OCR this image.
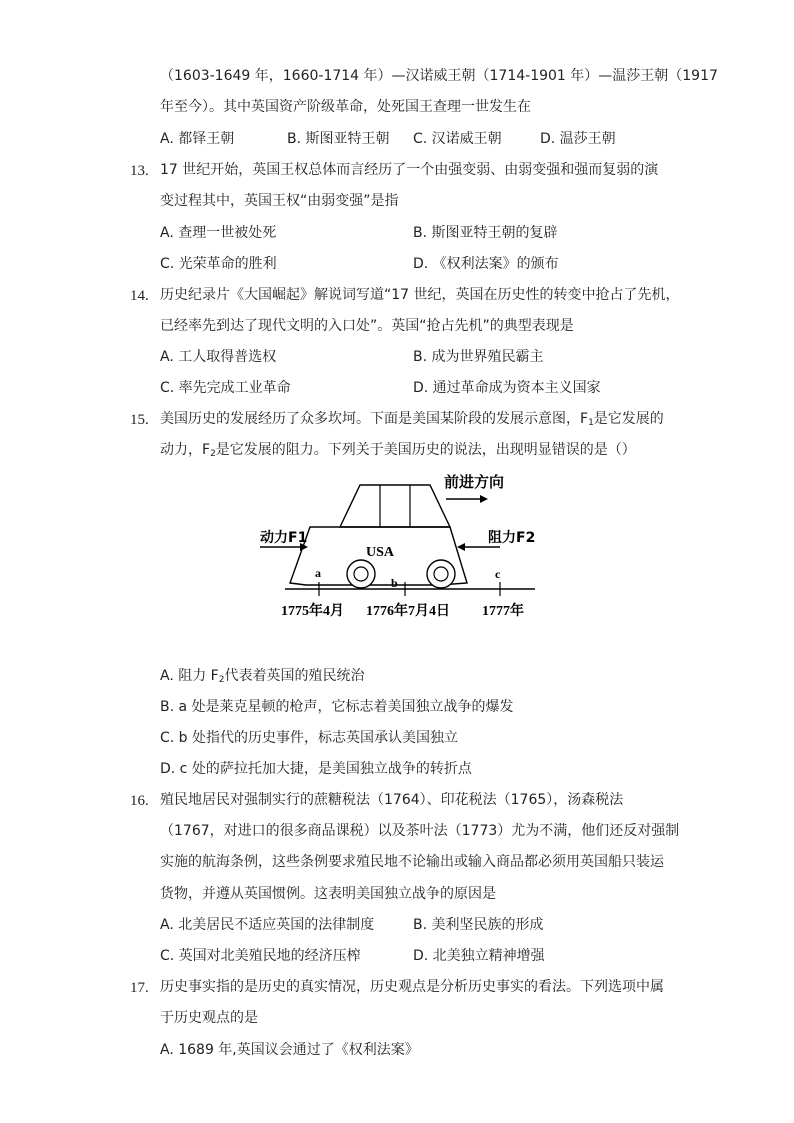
（1603-1649 年，1660-1714 年）—汉诺威王朝（1714-1901 年）—温莎王朝（1917
年至今）。其中英国资产阶级革命，处死国王查理一世发生在
A. 都铎王朝	B. 斯图亚特王朝 C. 汉诺威王朝	D. 温莎王朝
13. 17 世纪开始，英国王权总体而言经历了一个由强变弱、由弱变强和强而复弱的演
变过程其中，英国王权“由弱变强”是指
A. 查理一世被处死	B. 斯图亚特王朝的复辟
C. 光荣革命的胜利	D. 《权利法案》的颁布
14. 历史纪录片《大国崛起》解说词写道“17 世纪，英国在历史性的转变中抢占了先机，
已经率先到达了现代文明的入口处”。英国“抢占先机”的典型表现是
A. 工人取得普选权	B. 成为世界殖民霸主
C. 率先完成工业革命	D. 通过革命成为资本主义国家
15. 美国历史的发展经历了众多坎坷。下面是美国某阶段的发展示意图，$F_1$是它发展的
动力，$F_2$是它发展的阻力。下列关于美国历史的说法，出现明显错误的是（）
前进方向
动力F1	阻力F2
USA
a
b
c
1775年4月 1776年7月4日 1777年
A. 阻力 $F_2$代表着英国的殖民统治
B. a 处是莱克星顿的枪声，它标志着美国独立战争的爆发
C. b 处指代的历史事件，标志英国承认美国独立
D. c 处的萨拉托加大捷，是美国独立战争的转折点
16. 殖民地居民对强制实行的蔗糖税法（1764）、印花税法（1765），汤森税法
（1767，对进口的很多商品课税）以及茶叶法（1773）尤为不满，他们还反对强制
实施的航海条例，这些条例要求殖民地不论输出或输入商品都必须用英国船只装运
货物，并遵从英国惯例。这表明美国独立战争的原因是
A. 北美居民不适应英国的法律制度	B. 美利坚民族的形成
C. 英国对北美殖民地的经济压榨	D. 北美独立精神增强
17. 历史事实指的是历史的真实情况，历史观点是分析历史事实的看法。下列选项中属
于历史观点的是
A. 1689 年,英国议会通过了《权利法案》
